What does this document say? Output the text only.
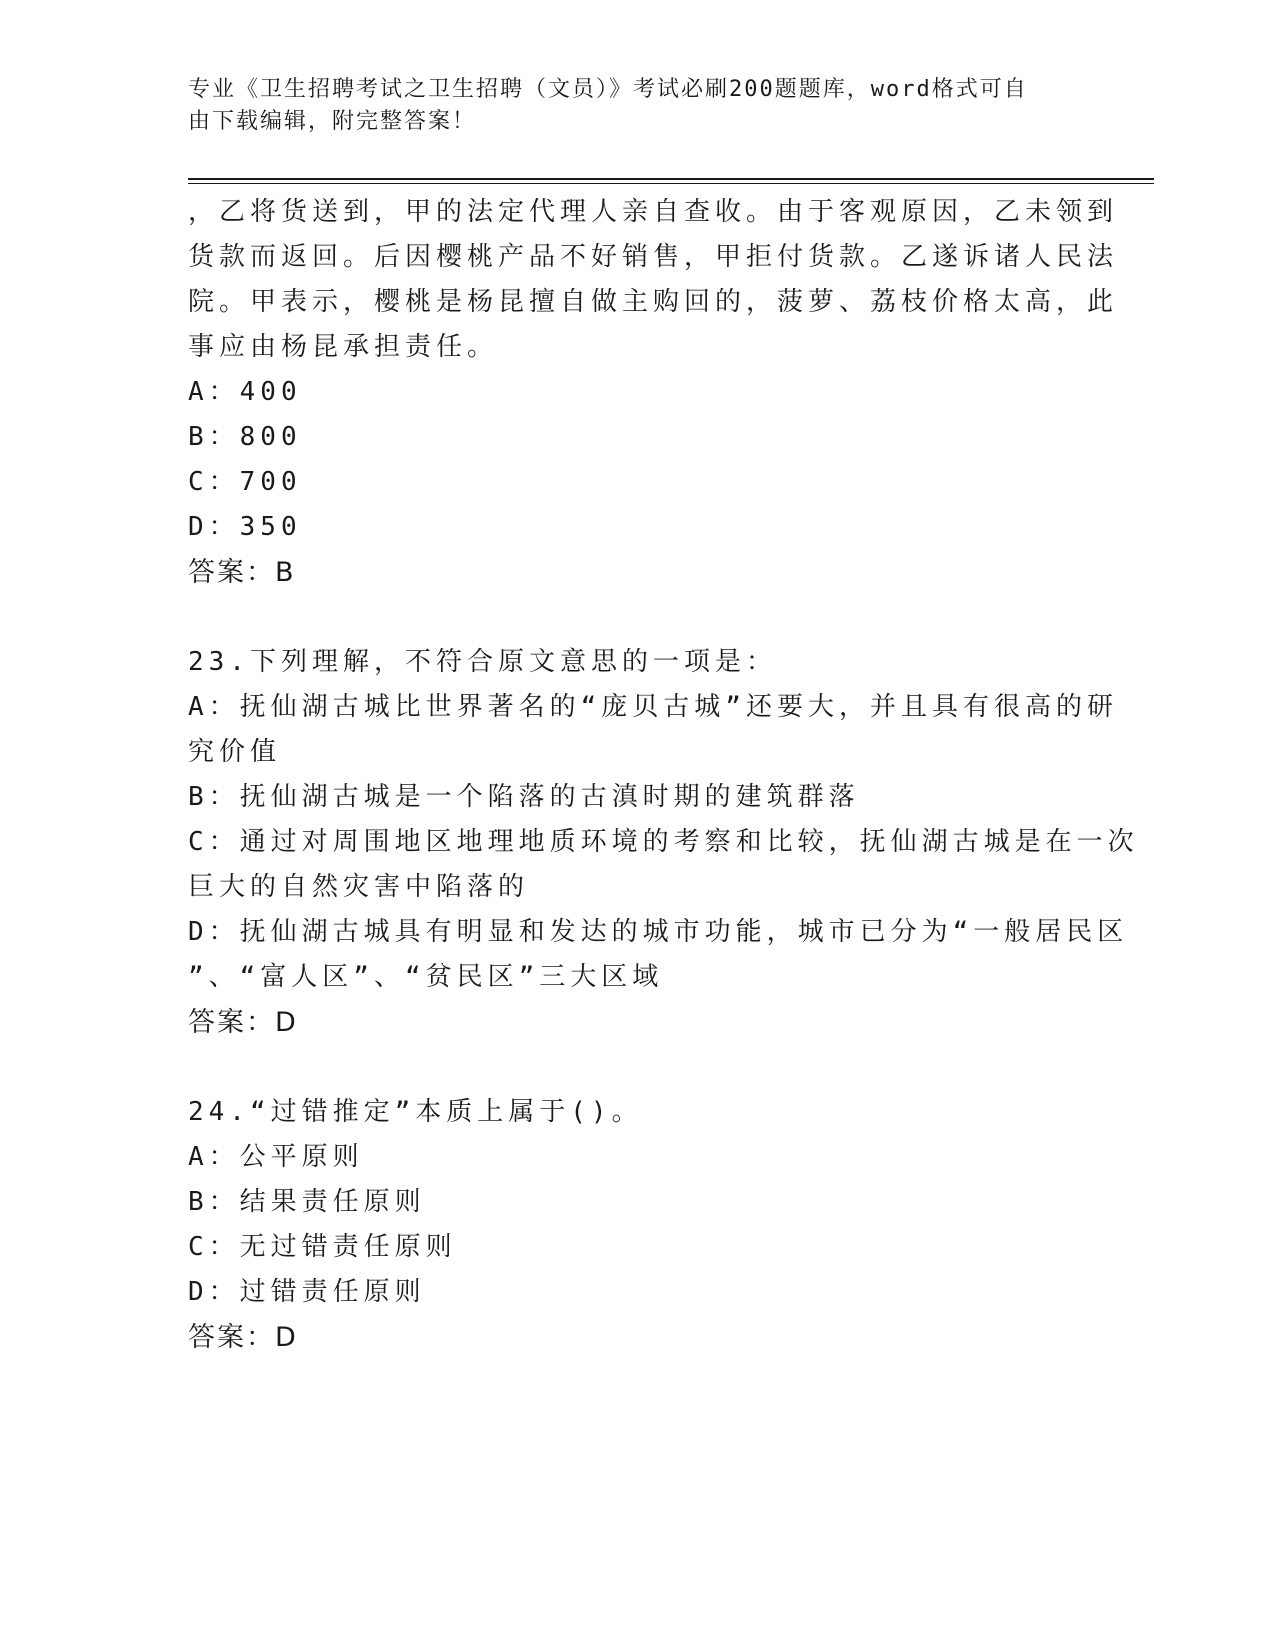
专业《卫生招聘考试之卫生招聘（文员）》考试必刷200题题库，word格式可自
由下载编辑，附完整答案！
，乙将货送到，甲的法定代理人亲自查收。由于客观原因，乙未领到
货款而返回。后因樱桃产品不好销售，甲拒付货款。乙遂诉诸人民法
院。甲表示，樱桃是杨昆擅自做主购回的，菠萝、荔枝价格太高，此
事应由杨昆承担责任。
A：400
B：800
C：700
D：350
答案：B
23.下列理解，不符合原文意思的一项是：
A：抚仙湖古城比世界著名的“庞贝古城”还要大，并且具有很高的研
究价值
B：抚仙湖古城是一个陷落的古滇时期的建筑群落
C：通过对周围地区地理地质环境的考察和比较，抚仙湖古城是在一次
巨大的自然灾害中陷落的
D：抚仙湖古城具有明显和发达的城市功能，城市已分为“一般居民区
”、“富人区”、“贫民区”三大区域
答案：D
24.“过错推定”本质上属于()。
A：公平原则
B：结果责任原则
C：无过错责任原则
D：过错责任原则
答案：D
